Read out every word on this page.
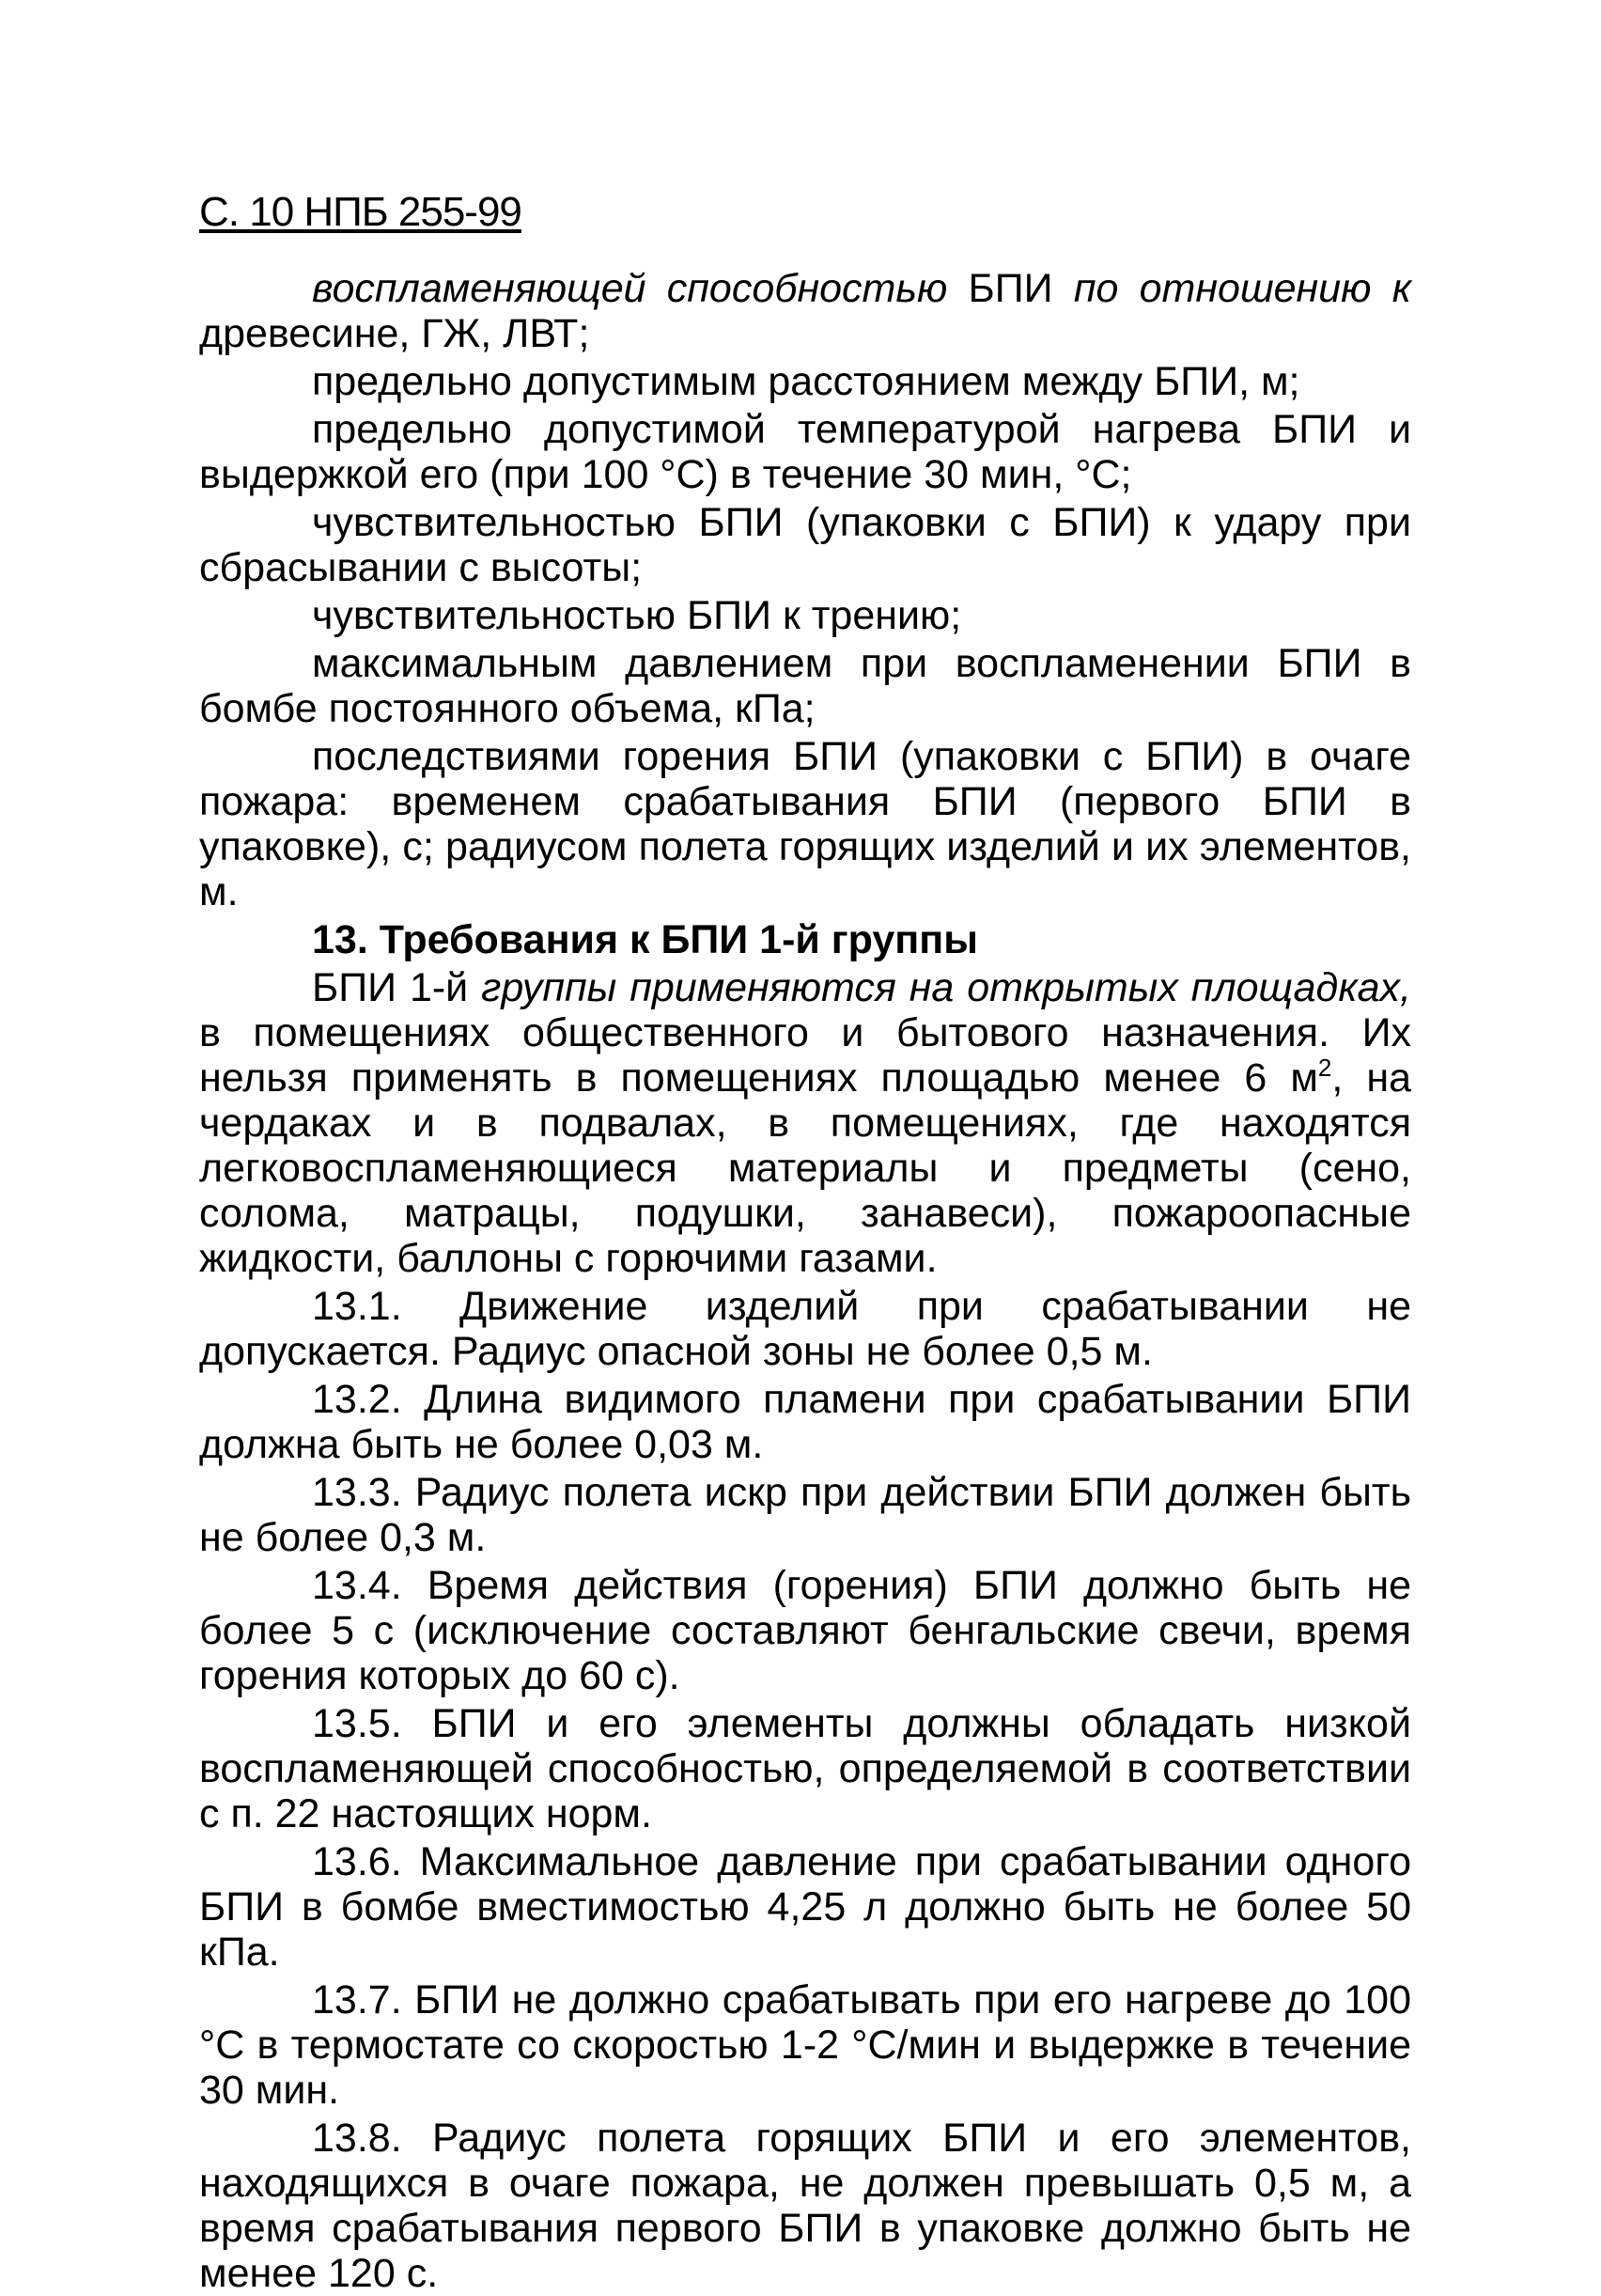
С. 10 НПБ 255-99

воспламеняющей способностью БПИ по отношению к древесине, ГЖ, ЛВТ;

предельно допустимым расстоянием между БПИ, м;

предельно допустимой температурой нагрева БПИ и выдержкой его (при 100 °С) в течение 30 мин, °С;

чувствительностью БПИ (упаковки с БПИ) к удару при сбрасывании с высоты;

чувствительностью БПИ к трению;

максимальным давлением при воспламенении БПИ в бомбе постоянного объема, кПа;

последствиями горения БПИ (упаковки с БПИ) в очаге пожара: временем срабатывания БПИ (первого БПИ в упаковке), с; радиусом полета горящих изделий и их элементов, м.

13. Требования к БПИ 1-й группы

БПИ 1-й группы применяются на открытых площадках, в помещениях общественного и бытового назначения. Их нельзя применять в помещениях площадью менее 6 $м^2$, на чердаках и в подвалах, в помещениях, где находятся легковоспламеняющиеся материалы и предметы (сено, солома, матрацы, подушки, занавеси), пожароопасные жидкости, баллоны с горючими газами.

13.1. Движение изделий при срабатывании не допускается. Радиус опасной зоны не более 0,5 м.

13.2. Длина видимого пламени при срабатывании БПИ должна быть не более 0,03 м.

13.3. Радиус полета искр при действии БПИ должен быть не более 0,3 м.

13.4. Время действия (горения) БПИ должно быть не более 5 с (исключение составляют бенгальские свечи, время горения которых до 60 с).

13.5. БПИ и его элементы должны обладать низкой воспламеняющей способностью, определяемой в соответствии с п. 22 настоящих норм.

13.6. Максимальное давление при срабатывании одного БПИ в бомбе вместимостью 4,25 л должно быть не более 50 кПа.

13.7. БПИ не должно срабатывать при его нагреве до 100 °С в термостате со скоростью 1-2 °С/мин и выдержке в течение 30 мин.

13.8. Радиус полета горящих БПИ и его элементов, находящихся в очаге пожара, не должен превышать 0,5 м, а время срабатывания первого БПИ в упаковке должно быть не менее 120 с.
